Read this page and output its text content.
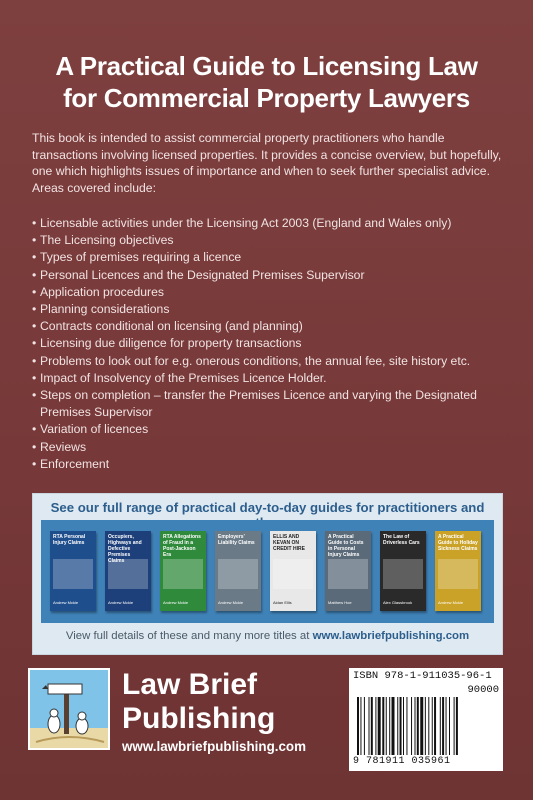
A Practical Guide to Licensing Law
for Commercial Property Lawyers
This book is intended to assist commercial property practitioners who handle transactions involving licensed properties. It provides a concise overview, but hopefully, one which highlights issues of importance and when to seek further specialist advice. Areas covered include:
• Licensable activities under the Licensing Act 2003 (England and Wales only)
• The Licensing objectives
• Types of premises requiring a licence
• Personal Licences and the Designated Premises Supervisor
• Application procedures
• Planning considerations
• Contracts conditional on licensing (and planning)
• Licensing due diligence for property transactions
• Problems to look out for e.g. onerous conditions, the annual fee, site history etc.
• Impact of Insolvency of the Premises Licence Holder.
• Steps on completion – transfer the Premises Licence and varying the Designated Premises Supervisor
• Variation of licences
• Reviews
• Enforcement
See our full range of practical day-to-day guides for practitioners and
RTA Personal Injury Claims
Andrew Mckie
Occupiers, Highways and Defective Premises Claims
Andrew Mckie
RTA Allegations of Fraud in a Post-Jackson Era
Andrew Mckie
Employers' Liability Claims
Andrew Mckie
ELLIS AND KEVAN ON CREDIT HIRE
Aidan Ellis
A Practical Guide to Costs in Personal Injury Claims
Matthew Hoe
The Law of Driverless Cars
Alex Glassbrook
A Practical Guide to Holiday Sickness Claims
Andrew Mckie
View full details of these and many more titles at www.lawbriefpublishing.com
Law Brief
Publishing
www.lawbriefpublishing.com
ISBN 978-1-911035-96-1
90000
9 781911 035961
